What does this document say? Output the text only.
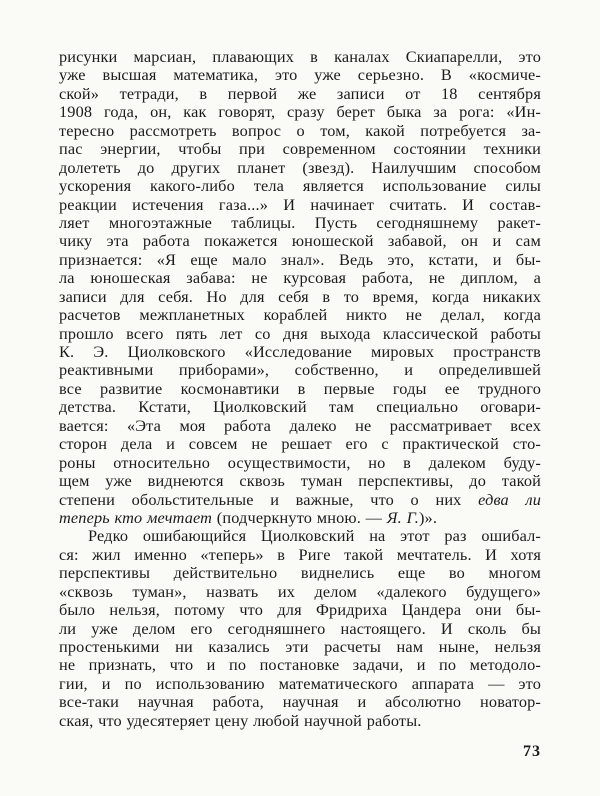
рисунки марсиан, плавающих в каналах Скиапарелли, это
уже высшая математика, это уже серьезно. В «космиче-
ской» тетради, в первой же записи от 18 сентября
1908 года, он, как говорят, сразу берет быка за рога: «Ин-
тересно рассмотреть вопрос о том, какой потребуется за-
пас энергии, чтобы при современном состоянии техники
долететь до других планет (звезд). Наилучшим способом
ускорения какого-либо тела является использование силы
реакции истечения газа...» И начинает считать. И состав-
ляет многоэтажные таблицы. Пусть сегодняшнему ракет-
чику эта работа покажется юношеской забавой, он и сам
признается: «Я еще мало знал». Ведь это, кстати, и бы-
ла юношеская забава: не курсовая работа, не диплом, а
записи для себя. Но для себя в то время, когда никаких
расчетов межпланетных кораблей никто не делал, когда
прошло всего пять лет со дня выхода классической работы
К. Э. Циолковского «Исследование мировых пространств
реактивными приборами», собственно, и определившей
все развитие космонавтики в первые годы ее трудного
детства. Кстати, Циолковский там специально оговари-
вается: «Эта моя работа далеко не рассматривает всех
сторон дела и совсем не решает его с практической сто-
роны относительно осуществимости, но в далеком буду-
щем уже виднеются сквозь туман перспективы, до такой
степени обольстительные и важные, что о них едва ли
теперь кто мечтает (подчеркнуто мною. — Я. Г.)».
Редко ошибающийся Циолковский на этот раз ошибал-
ся: жил именно «теперь» в Риге такой мечтатель. И хотя
перспективы действительно виднелись еще во многом
«сквозь туман», назвать их делом «далекого будущего»
было нельзя, потому что для Фридриха Цандера они бы-
ли уже делом его сегодняшнего настоящего. И сколь бы
простенькими ни казались эти расчеты нам ныне, нельзя
не признать, что и по постановке задачи, и по методоло-
гии, и по использованию математического аппарата — это
все-таки научная работа, научная и абсолютно новатор-
ская, что удесятеряет цену любой научной работы.
73
